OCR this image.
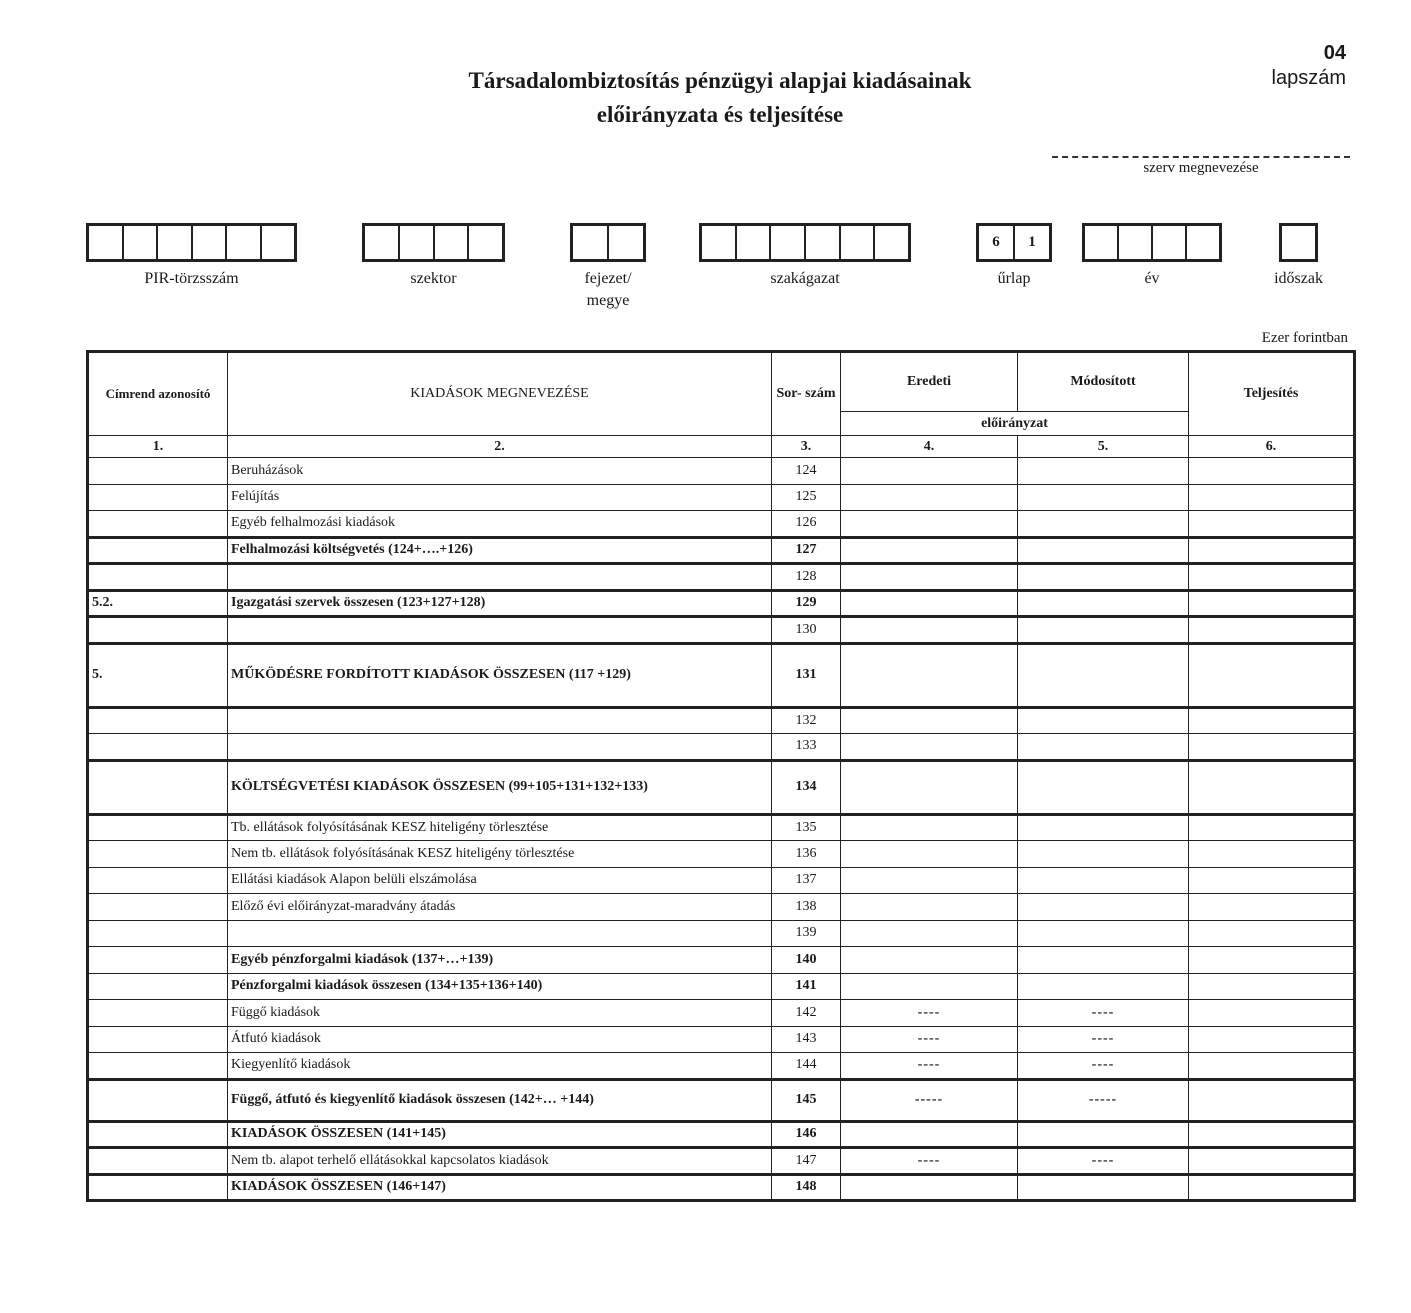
04
lapszám
Társadalombiztosítás pénzügyi alapjai kiadásainak
előirányzata és teljesítése
szerv megnevezése
PIR-törzsszám	szektor	fejezet/ megye
szakágazat
6	1
űrlap	év	időszak
Ezer forintban
Címrend azonosító	KIADÁSOK MEGNEVEZÉSE	Sor- szám	Eredeti	Módosított	Teljesítés
			előirányzat		
1.	2.	3.	4.	5.	6.
	Beruházások	124			
	Felújítás	125			
	Egyéb felhalmozási kiadások	126			
	Felhalmozási költségvetés (124+….+126)	127			
		128			
5.2.	Igazgatási szervek összesen (123+127+128)	129			
		130			
5.	MŰKÖDÉSRE FORDÍTOTT KIADÁSOK ÖSSZESEN (117 +129)	131			
		132			
		133			
	KÖLTSÉGVETÉSI KIADÁSOK ÖSSZESEN (99+105+131+132+133)	134			
	Tb. ellátások folyósításának KESZ hiteligény törlesztése	135			
	Nem tb. ellátások folyósításának KESZ hiteligény törlesztése	136			
	Ellátási kiadások Alapon belüli elszámolása	137			
	Előző évi előirányzat-maradvány átadás	138			
		139			
	Egyéb pénzforgalmi kiadások (137+…+139)	140			
	Pénzforgalmi kiadások összesen (134+135+136+140)	141			
	Függő kiadások	142	----	----	
	Átfutó kiadások	143	----	----	
	Kiegyenlítő kiadások	144	----	----	
	Függő, átfutó és kiegyenlítő kiadások összesen (142+… +144)	145	-----	-----	
	KIADÁSOK ÖSSZESEN (141+145)	146			
	Nem tb. alapot terhelő ellátásokkal kapcsolatos kiadások	147	----	----	
	KIADÁSOK ÖSSZESEN (146+147)	148			
